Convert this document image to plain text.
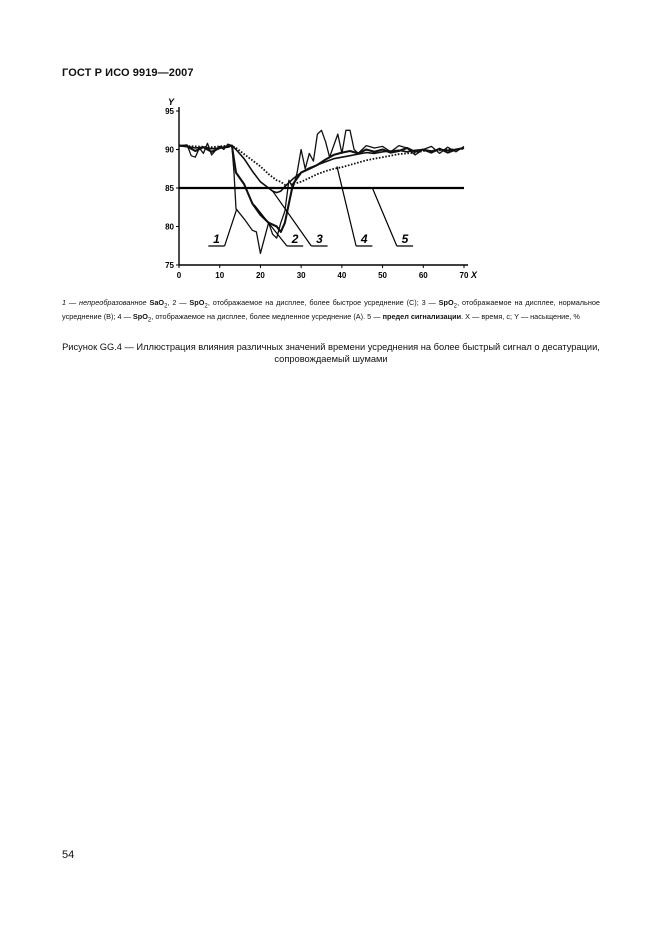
ГОСТ Р ИСО 9919—2007
0	10	20	30	40	50	60	70
95
90
85
80
75
X
Y
1	2 3	4	5
1 — непреобразованное SaO$_2$, 2 — SpO$_2$, отображаемое на дисплее, более быстрое усреднение (С); 3 — SpO$_2$, отображаемое на дисплее, нормальное усреднение (В); 4 — SpO$_2$, отображаемое на дисплее, более медленное усреднение (А). 5 — предел сигнализации. X — время, с; Y — насыщение, %
Рисунок GG.4 — Иллюстрация влияния различных значений времени усреднения на более быстрый сигнал о десатурации, сопровождаемый шумами
54
